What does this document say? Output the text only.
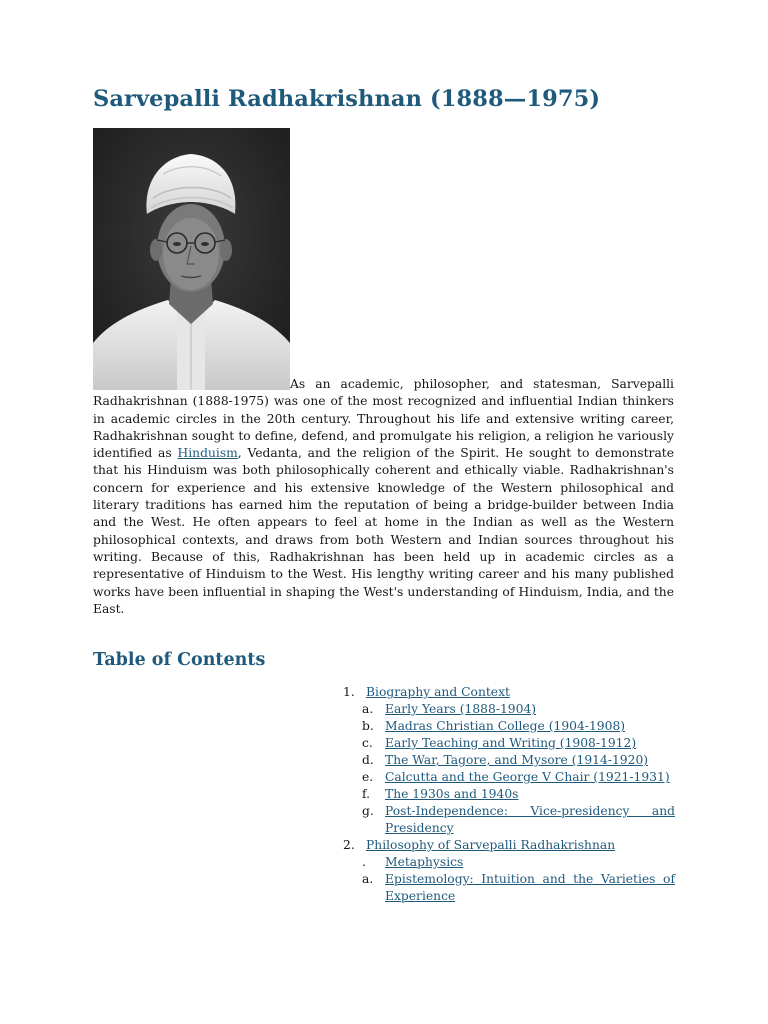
Sarvepalli Radhakrishnan (1888—1975)

As an academic, philosopher, and statesman, Sarvepalli Radhakrishnan (1888-1975) was one of the most recognized and influential Indian thinkers in academic circles in the 20th century. Throughout his life and extensive writing career, Radhakrishnan sought to define, defend, and promulgate his religion, a religion he variously identified as Hinduism, Vedanta, and the religion of the Spirit. He sought to demonstrate that his Hinduism was both philosophically coherent and ethically viable. Radhakrishnan's concern for experience and his extensive knowledge of the Western philosophical and literary traditions has earned him the reputation of being a bridge-builder between India and the West. He often appears to feel at home in the Indian as well as the Western philosophical contexts, and draws from both Western and Indian sources throughout his writing. Because of this, Radhakrishnan has been held up in academic circles as a representative of Hinduism to the West. His lengthy writing career and his many published works have been influential in shaping the West's understanding of Hinduism, India, and the East.

Table of Contents
1. Biography and Context
a. Early Years (1888-1904)
b. Madras Christian College (1904-1908)
c. Early Teaching and Writing (1908-1912)
d. The War, Tagore, and Mysore (1914-1920)
e. Calcutta and the George V Chair (1921-1931)
f. The 1930s and 1940s
g. Post-Independence: Vice-presidency and Presidency
2. Philosophy of Sarvepalli Radhakrishnan
. Metaphysics
a. Epistemology: Intuition and the Varieties of Experience
